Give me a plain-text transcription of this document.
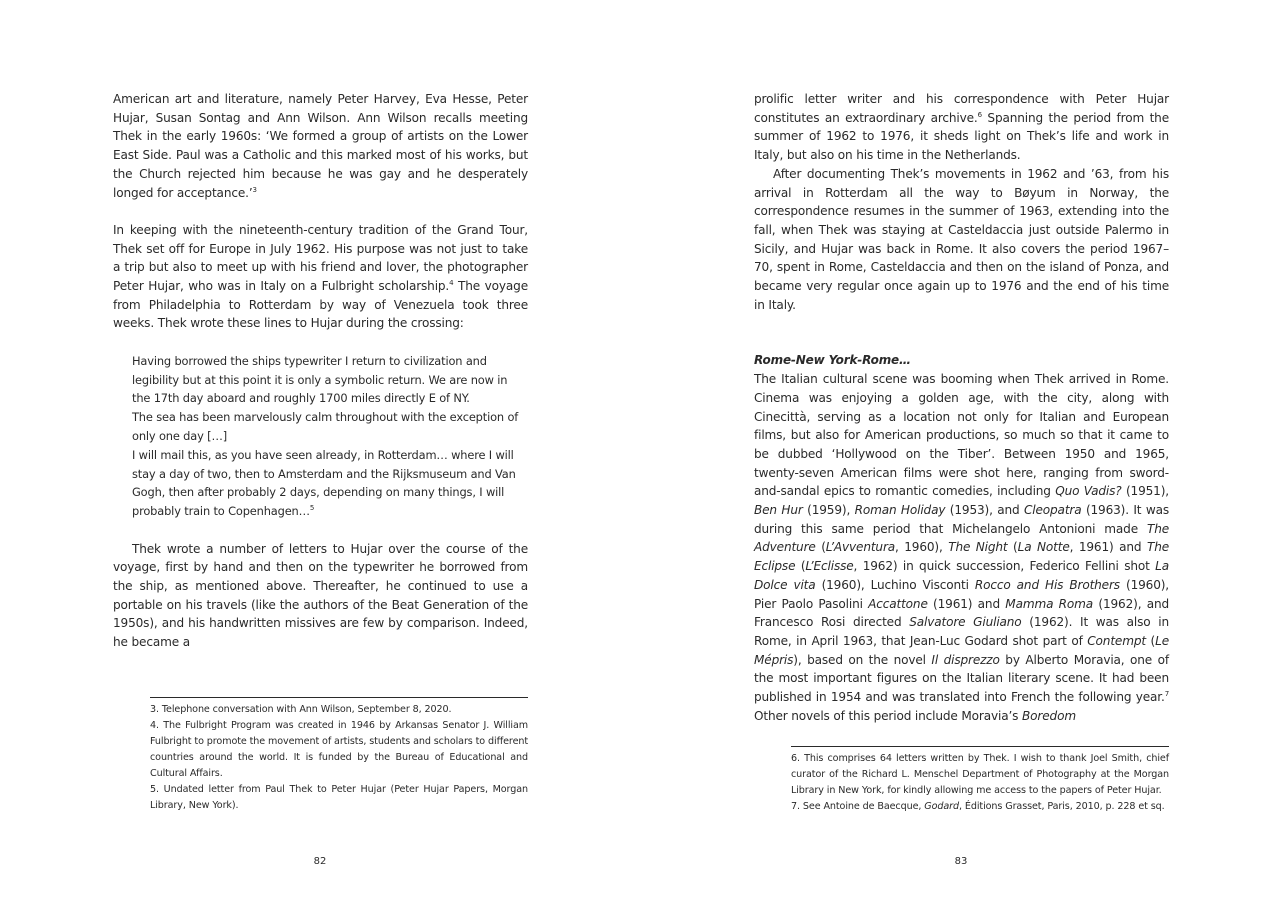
American art and literature, namely Peter Harvey, Eva Hesse, Peter Hujar, Susan Sontag and Ann Wilson. Ann Wilson recalls meeting Thek in the early 1960s: ‘We formed a group of artists on the Lower East Side. Paul was a Catholic and this marked most of his works, but the Church rejected him because he was gay and he desperately longed for acceptance.’$^3$

In keeping with the nineteenth-century tradition of the Grand Tour, Thek set off for Europe in July 1962. His purpose was not just to take a trip but also to meet up with his friend and lover, the photographer Peter Hujar, who was in Italy on a Fulbright scholarship.$^4$ The voyage from Philadelphia to Rotterdam by way of Venezuela took three weeks. Thek wrote these lines to Hujar during the crossing:

Having borrowed the ships typewriter I return to civilization and legibility but at this point it is only a symbolic return. We are now in the 17th day aboard and roughly 1700 miles directly E of NY.

The sea has been marvelously calm throughout with the exception of only one day […]

I will mail this, as you have seen already, in Rotterdam… where I will stay a day of two, then to Amsterdam and the Rijksmuseum and Van Gogh, then after probably 2 days, depending on many things, I will probably train to Copenhagen…$^5$

Thek wrote a number of letters to Hujar over the course of the voyage, first by hand and then on the typewriter he borrowed from the ship, as mentioned above. Thereafter, he continued to use a portable on his travels (like the authors of the Beat Generation of the 1950s), and his handwritten missives are few by comparison. Indeed, he became a

3. Telephone conversation with Ann Wilson, September 8, 2020.

4. The Fulbright Program was created in 1946 by Arkansas Senator J. William Fulbright to promote the movement of artists, students and scholars to different countries around the world. It is funded by the Bureau of Educational and Cultural Affairs.

5. Undated letter from Paul Thek to Peter Hujar (Peter Hujar Papers, Morgan Library, New York).

82

prolific letter writer and his correspondence with Peter Hujar constitutes an extraordinary archive.$^6$ Spanning the period from the summer of 1962 to 1976, it sheds light on Thek’s life and work in Italy, but also on his time in the Netherlands.

After documenting Thek’s movements in 1962 and ’63, from his arrival in Rotterdam all the way to Bøyum in Norway, the correspondence resumes in the summer of 1963, extending into the fall, when Thek was staying at Casteldaccia just outside Palermo in Sicily, and Hujar was back in Rome. It also covers the period 1967–70, spent in Rome, Casteldaccia and then on the island of Ponza, and became very regular once again up to 1976 and the end of his time in Italy.

Rome-New York-Rome…

The Italian cultural scene was booming when Thek arrived in Rome. Cinema was enjoying a golden age, with the city, along with Cinecittà, serving as a location not only for Italian and European films, but also for American productions, so much so that it came to be dubbed ‘Hollywood on the Tiber’. Between 1950 and 1965, twenty-seven American films were shot here, ranging from sword-and-sandal epics to romantic comedies, including Quo Vadis? (1951), Ben Hur (1959), Roman Holiday (1953), and Cleopatra (1963). It was during this same period that Michelangelo Antonioni made The Adventure (L’Avventura, 1960), The Night (La Notte, 1961) and The Eclipse (L’Eclisse, 1962) in quick succession, Federico Fellini shot La Dolce vita (1960), Luchino Visconti Rocco and His Brothers (1960), Pier Paolo Pasolini Accattone (1961) and Mamma Roma (1962), and Francesco Rosi directed Salvatore Giuliano (1962). It was also in Rome, in April 1963, that Jean-Luc Godard shot part of Contempt (Le Mépris), based on the novel Il disprezzo by Alberto Moravia, one of the most important figures on the Italian literary scene. It had been published in 1954 and was translated into French the following year.$^7$ Other novels of this period include Moravia’s Boredom

6. This comprises 64 letters written by Thek. I wish to thank Joel Smith, chief curator of the Richard L. Menschel Department of Photography at the Morgan Library in New York, for kindly allowing me access to the papers of Peter Hujar.

7. See Antoine de Baecque, Godard, Éditions Grasset, Paris, 2010, p. 228 et sq.

83
